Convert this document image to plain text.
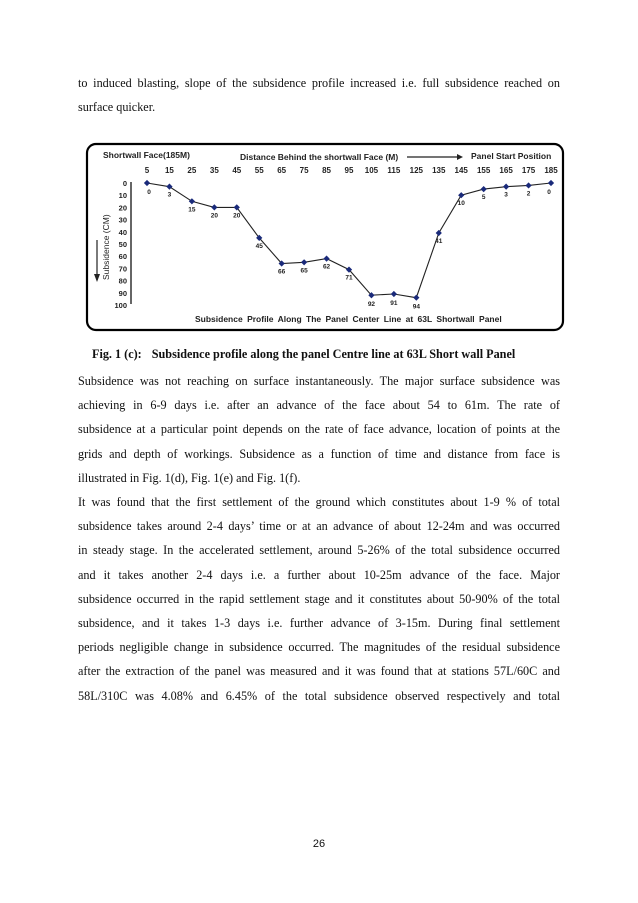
to induced blasting, slope of the subsidence profile increased i.e. full subsidence reached on
surface quicker.
Shortwall Face(185M)	Distance Behind the shortwall Face (M)	Panel Start Position
Subsidence (CM)
Subsidence Profile Along The Panel Center Line at 63L Shortwall Panel
5 15 25 35 45 55 65 75 85 95 105 115 125 135 145 155 165 175 185
0
10
20
30
40
50
60
70
80
90
100
0	3
15
20 20
45
66 65
62
71
92 91
94
41
10
5	3	2	0
Fig. 1 (c): Subsidence profile along the panel Centre line at 63L Short wall Panel
Subsidence was not reaching on surface instantaneously. The major surface subsidence was
achieving in 6-9 days i.e. after an advance of the face about 54 to 61m. The rate of
subsidence at a particular point depends on the rate of face advance, location of points at the
grids and depth of workings. Subsidence as a function of time and distance from face is
illustrated in Fig. 1(d), Fig. 1(e) and Fig. 1(f).
It was found that the first settlement of the ground which constitutes about 1-9 % of total
subsidence takes around 2-4 days’ time or at an advance of about 12-24m and was occurred
in steady stage. In the accelerated settlement, around 5-26% of the total subsidence occurred
and it takes another 2-4 days i.e. a further about 10-25m advance of the face. Major
subsidence occurred in the rapid settlement stage and it constitutes about 50-90% of the total
subsidence, and it takes 1-3 days i.e. further advance of 3-15m. During final settlement
periods negligible change in subsidence occurred. The magnitudes of the residual subsidence
after the extraction of the panel was measured and it was found that at stations 57L/60C and
58L/310C was 4.08% and 6.45% of the total subsidence observed respectively and total
26
